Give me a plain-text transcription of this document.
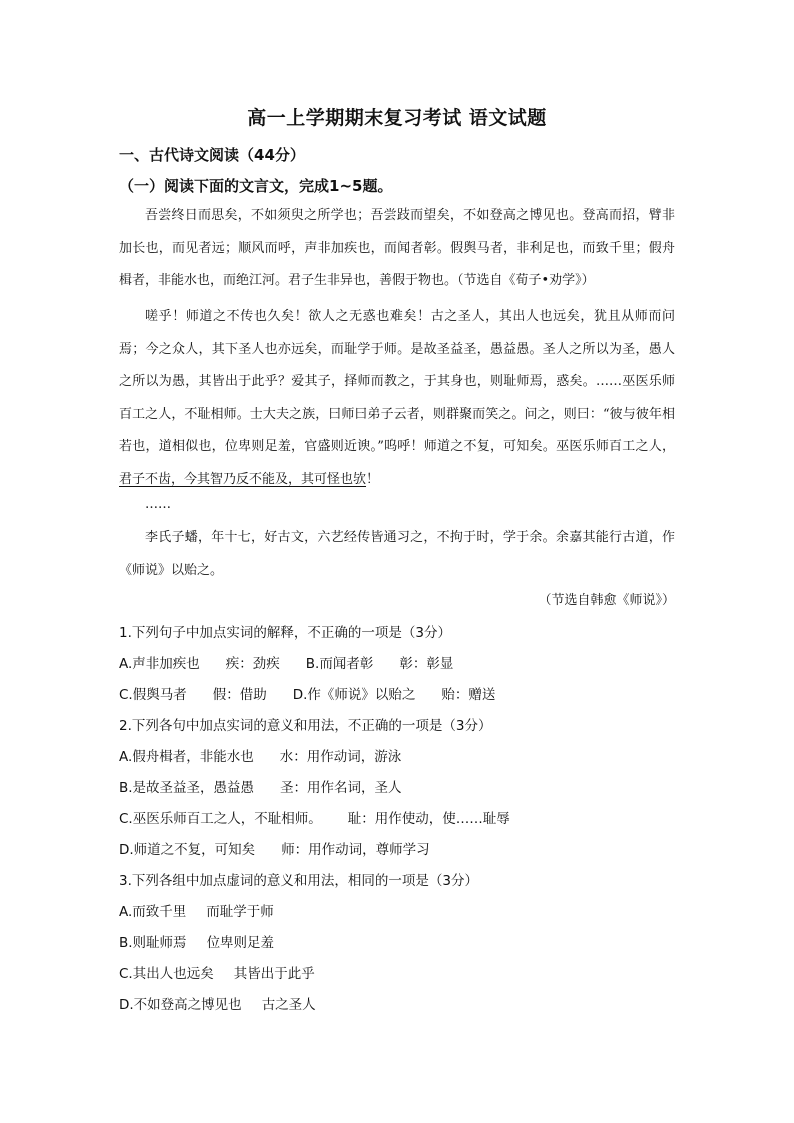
高一上学期期末复习考试 语文试题
一、古代诗文阅读（44分）
（一）阅读下面的文言文，完成1~5题。
吾尝终日而思矣，不如须臾之所学也；吾尝跂而望矣，不如登高之博见也。登高而招，臂非加长也，而见者远；顺风而呼，声非加疾也，而闻者彰。假舆马者，非利足也，而致千里；假舟楫者，非能水也，而绝江河。君子生非异也，善假于物也。（节选自《荀子•劝学》）
嗟乎！师道之不传也久矣！欲人之无惑也难矣！古之圣人，其出人也远矣，犹且从师而问焉；今之众人，其下圣人也亦远矣，而耻学于师。是故圣益圣，愚益愚。圣人之所以为圣，愚人之所以为愚，其皆出于此乎？爱其子，择师而教之，于其身也，则耻师焉，惑矣。……巫医乐师百工之人，不耻相师。士大夫之族，曰师曰弟子云者，则群聚而笑之。问之，则曰：“彼与彼年相若也，道相似也，位卑则足羞，官盛则近谀。”呜呼！师道之不复，可知矣。巫医乐师百工之人，君子不齿，今其智乃反不能及，其可怪也欤！
……
李氏子蟠，年十七，好古文，六艺经传皆通习之，不拘于时，学于余。余嘉其能行古道，作《师说》以贻之。
（节选自韩愈《师说》）
1.下列句子中加点实词的解释，不正确的一项是（3分）
A.声非加疾也 疾：劲疾 B.而闻者彰 彰：彰显
C.假舆马者 假：借助 D.作《师说》以贻之 贻：赠送
2.下列各句中加点实词的意义和用法，不正确的一项是（3分）
A.假舟楫者，非能水也 水：用作动词，游泳
B.是故圣益圣，愚益愚 圣：用作名词，圣人
C.巫医乐师百工之人，不耻相师。 耻：用作使动，使……耻辱
D.师道之不复，可知矣 师：用作动词，尊师学习
3.下列各组中加点虚词的意义和用法，相同的一项是（3分）
A.而致千里 而耻学于师
B.则耻师焉 位卑则足羞
C.其出人也远矣 其皆出于此乎
D.不如登高之博见也 古之圣人
